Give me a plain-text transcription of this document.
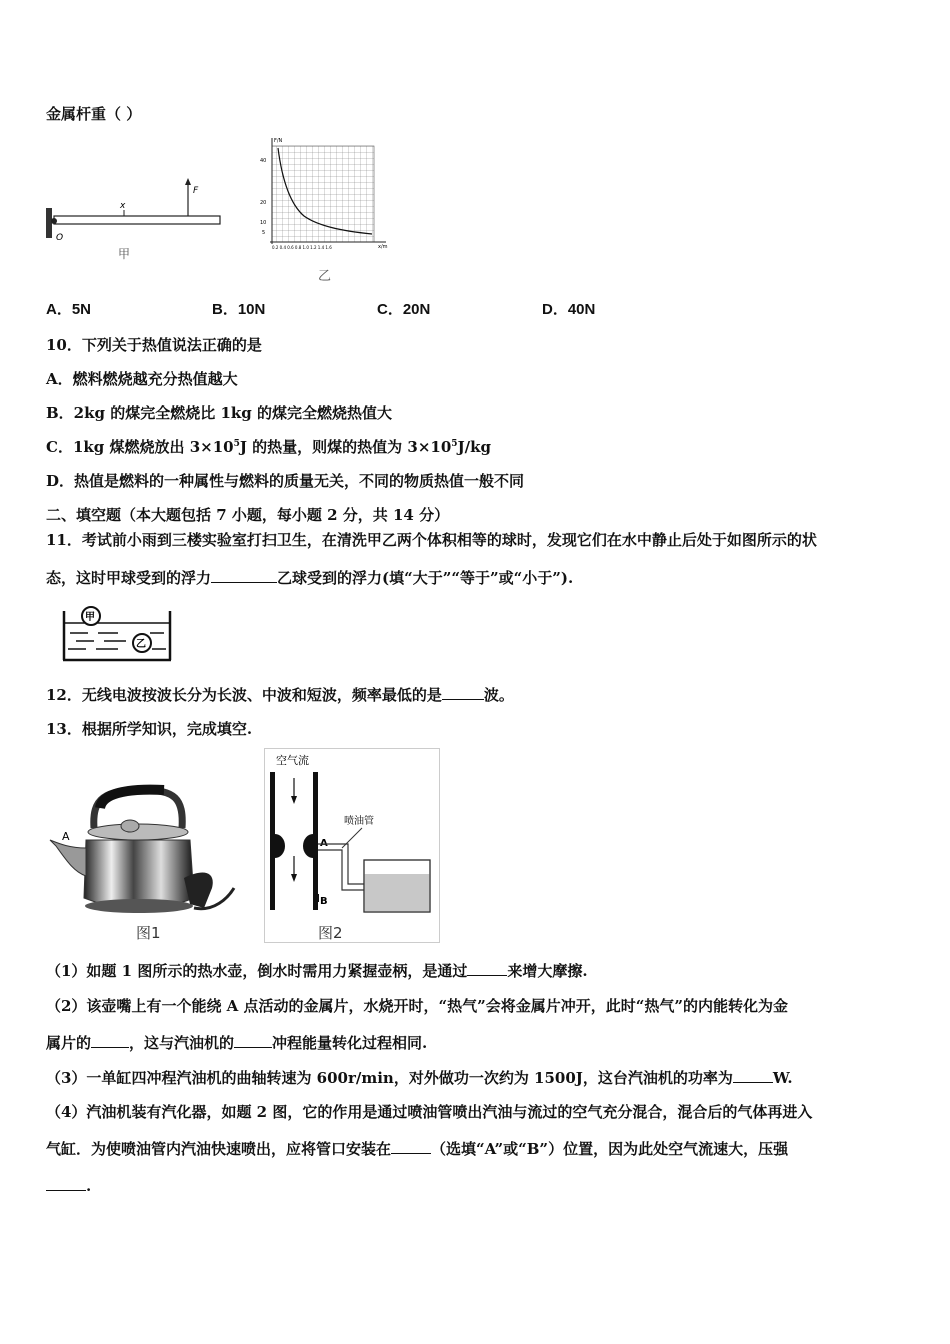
金属杆重（ ）
O
x
F
甲
F/N
x/m
40
20
10
5
0.2 0.4 0.6 0.8 1.0 1.2 1.4 1.6
乙
A．5N	B．10N	C．20N	D．40N
10．下列关于热值说法正确的是
A．燃料燃烧越充分热值越大
B．2kg 的煤完全燃烧比 1kg 的煤完全燃烧热值大
C．1kg 煤燃烧放出 $3\times 10^5J$ 的热量，则煤的热值为 $3\times 10^5J/kg$
D．热值是燃料的一种属性与燃料的质量无关，不同的物质热值一般不同
二、填空题（本大题包括 7 小题，每小题 2 分，共 14 分）
11．考试前小雨到三楼实验室打扫卫生，在清洗甲乙两个体积相等的球时，发现它们在水中静止后处于如图所示的状
态，这时甲球受到的浮力	乙球受到的浮力(填“大于”“等于”或“小于”).
甲
乙
12．无线电波按波长分为长波、中波和短波，频率最低的是	波。
13．根据所学知识，完成填空.
A
图1
空气流
A
B
喷油管
图2
（1）如题 1 图所示的热水壶，倒水时需用力紧握壶柄，是通过	来增大摩擦.
（2）该壶嘴上有一个能绕 A 点活动的金属片，水烧开时，“热气”会将金属片冲开，此时“热气”的内能转化为金
属片的	，这与汽油机的	冲程能量转化过程相同.
（3）一单缸四冲程汽油机的曲轴转速为 600r/min，对外做功一次约为 1500J，这台汽油机的功率为	W.
（4）汽油机装有汽化器，如题 2 图，它的作用是通过喷油管喷出汽油与流过的空气充分混合，混合后的气体再进入
气缸．为使喷油管内汽油快速喷出，应将管口安装在	（选填“A”或“B”）位置，因为此处空气流速大，压强
.
